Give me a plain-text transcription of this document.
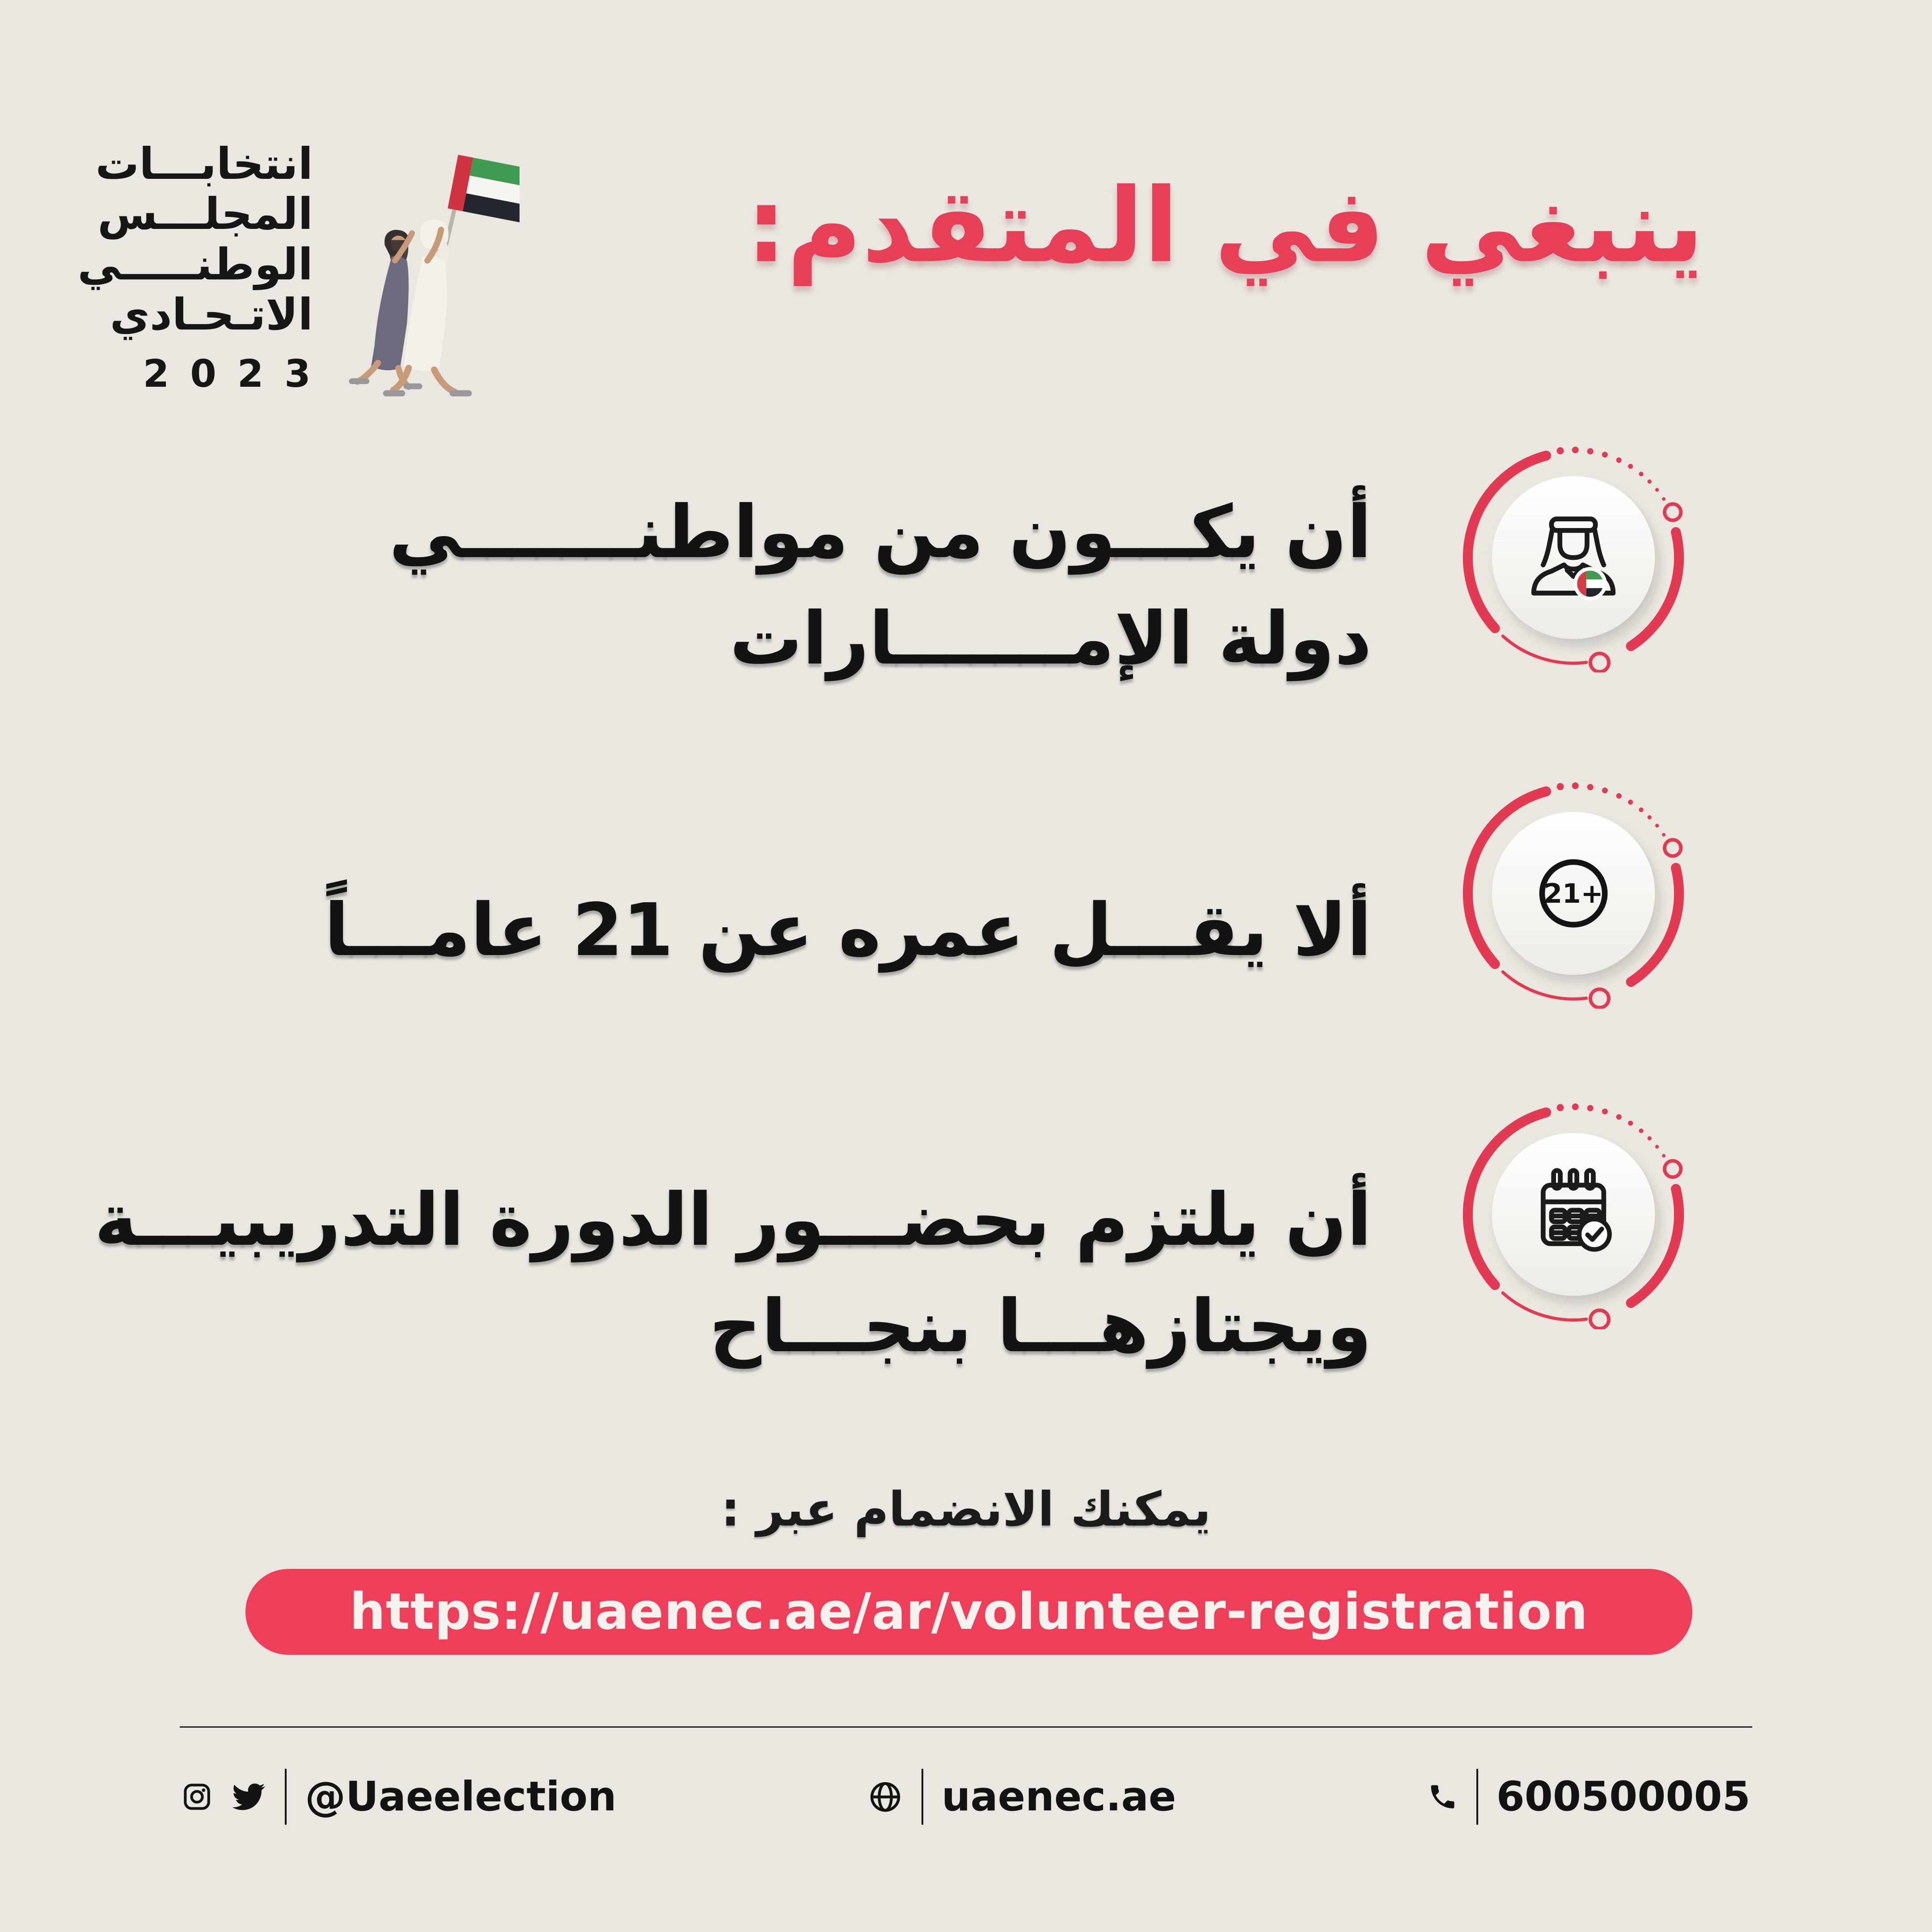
انتخابـــات
المجلـــس
الوطنـــــي
الاتـحـادي
2 0 2 3
ينبغي في المتقدم:
أن يكـــون من مواطنـــــــي
دولة الإمـــــــارات
ألا يقـــل عمره عن 21 عامـــاً
أن يلتزم بحضـــور الدورة التدريبيـــة
ويجتازهـــا بنجـــاح
يمكنك الانضمام عبر :
https://uaenec.ae/ar/volunteer-registration
@Uaeelection	uaenec.ae	600500005
